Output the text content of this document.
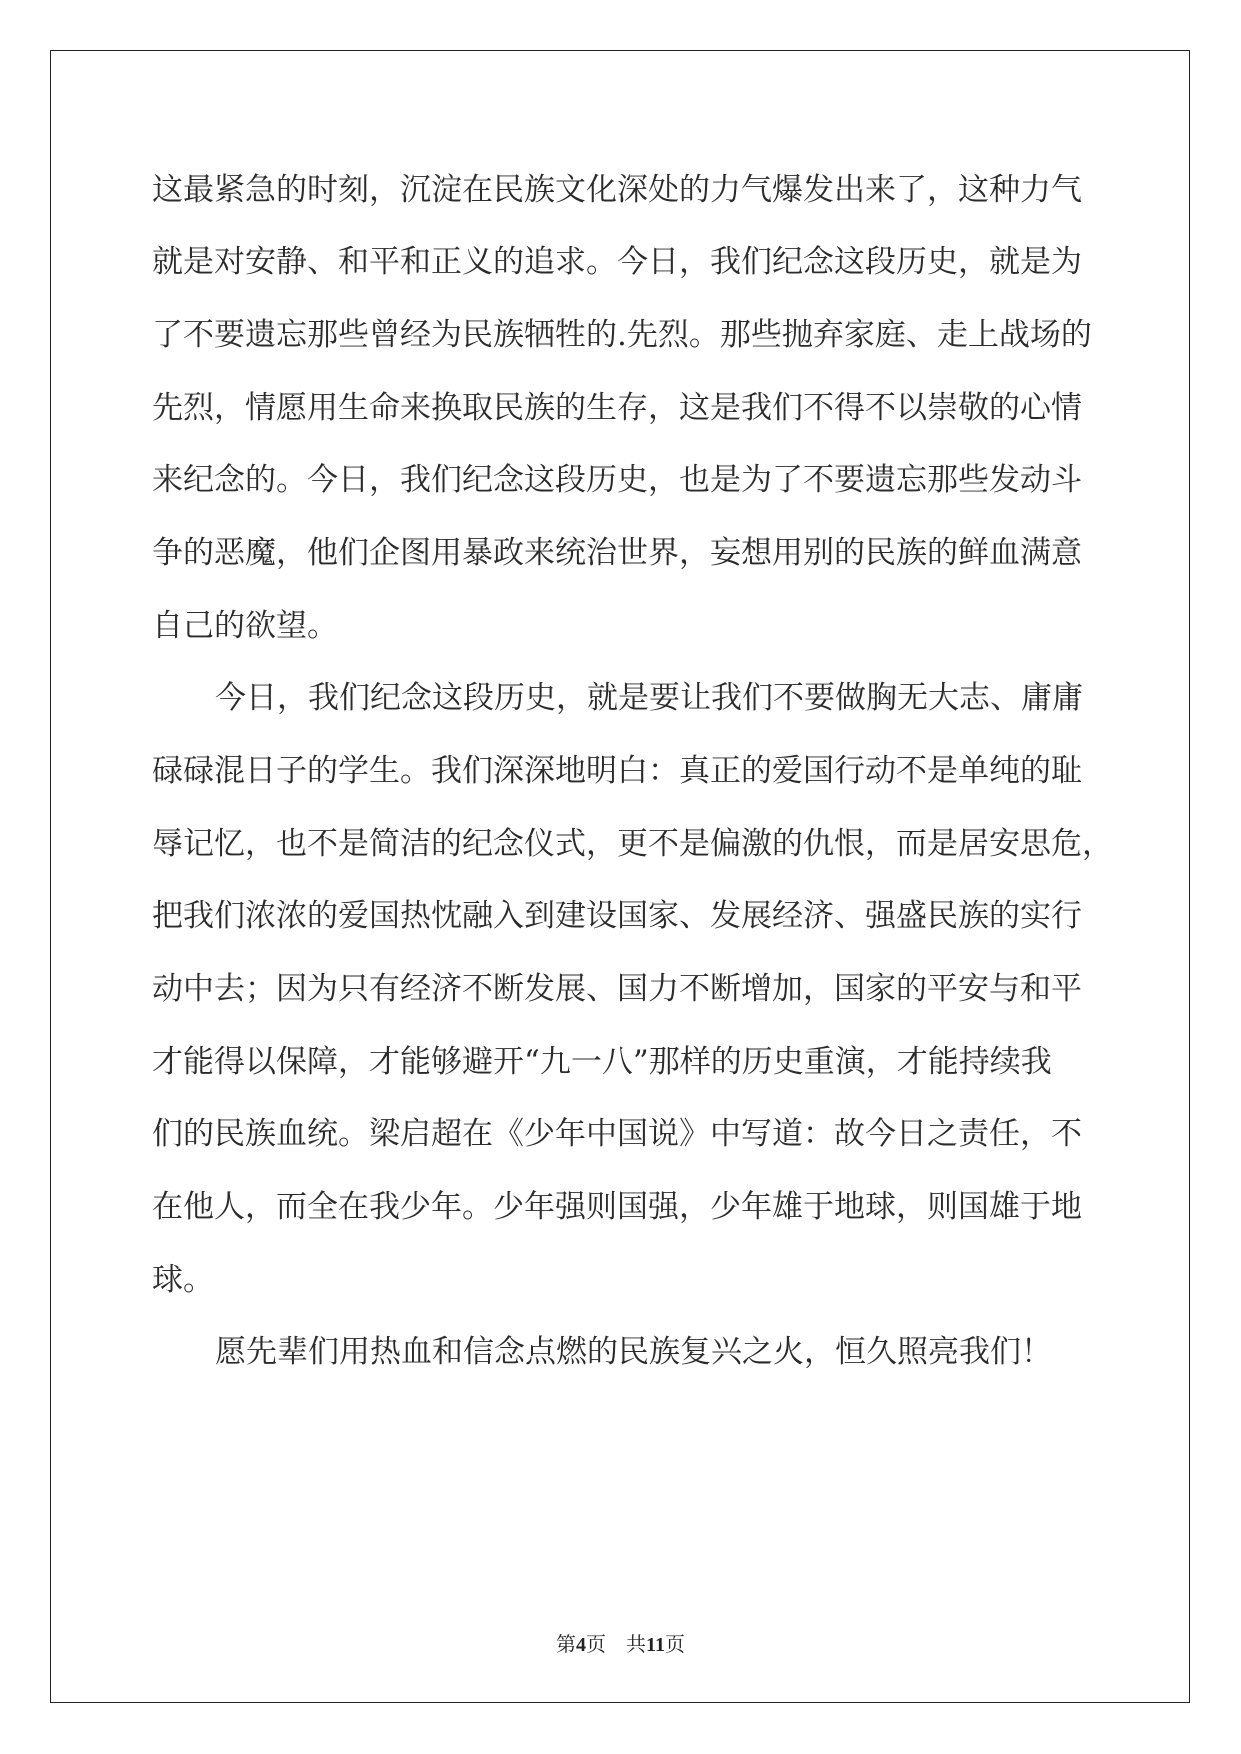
这最紧急的时刻，沉淀在民族文化深处的力气爆发出来了，这种力气
就是对安静、和平和正义的追求。今日，我们纪念这段历史，就是为
了不要遗忘那些曾经为民族牺牲的.先烈。那些抛弃家庭、走上战场的
先烈，情愿用生命来换取民族的生存，这是我们不得不以崇敬的心情
来纪念的。今日，我们纪念这段历史，也是为了不要遗忘那些发动斗
争的恶魔，他们企图用暴政来统治世界，妄想用别的民族的鲜血满意
自己的欲望。
今日，我们纪念这段历史，就是要让我们不要做胸无大志、庸庸
碌碌混日子的学生。我们深深地明白：真正的爱国行动不是单纯的耻
辱记忆，也不是简洁的纪念仪式，更不是偏激的仇恨，而是居安思危，
把我们浓浓的爱国热忱融入到建设国家、发展经济、强盛民族的实行
动中去；因为只有经济不断发展、国力不断增加，国家的平安与和平
才能得以保障，才能够避开“九一八”那样的历史重演，才能持续我
们的民族血统。梁启超在《少年中国说》中写道：故今日之责任，不
在他人，而全在我少年。少年强则国强，少年雄于地球，则国雄于地
球。
愿先辈们用热血和信念点燃的民族复兴之火，恒久照亮我们！
第4页 共11页
